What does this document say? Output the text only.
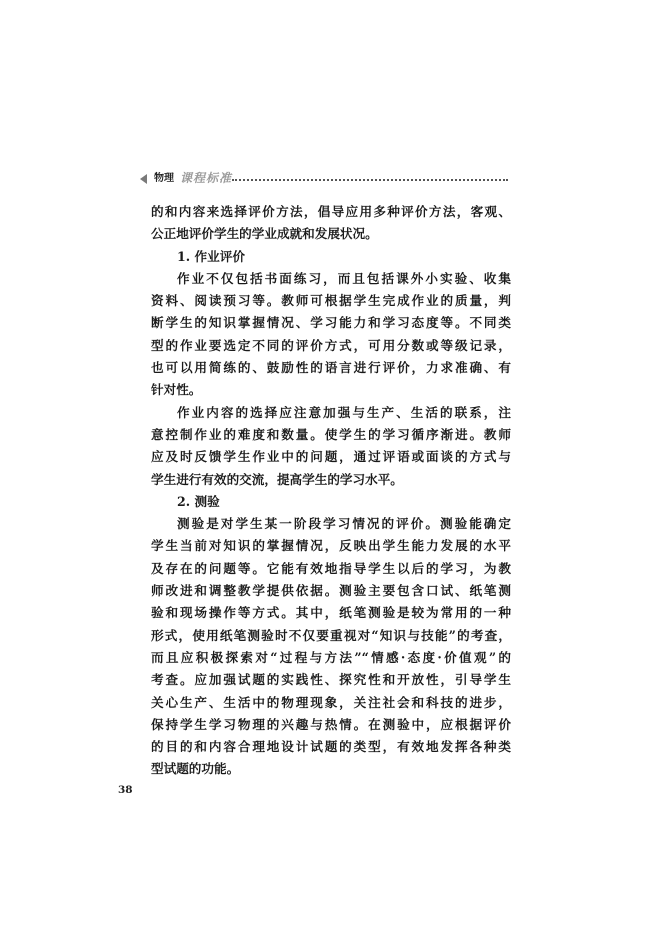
物理 课程标准
的和内容来选择评价方法，倡导应用多种评价方法，客观、
公正地评价学生的学业成就和发展状况。
1. 作业评价
作业不仅包括书面练习，而且包括课外小实验、收集
资料、阅读预习等。教师可根据学生完成作业的质量，判
断学生的知识掌握情况、学习能力和学习态度等。不同类
型的作业要选定不同的评价方式，可用分数或等级记录，
也可以用简练的、鼓励性的语言进行评价，力求准确、有
针对性。
作业内容的选择应注意加强与生产、生活的联系，注
意控制作业的难度和数量。使学生的学习循序渐进。教师
应及时反馈学生作业中的问题，通过评语或面谈的方式与
学生进行有效的交流，提高学生的学习水平。
2. 测验
测验是对学生某一阶段学习情况的评价。测验能确定
学生当前对知识的掌握情况，反映出学生能力发展的水平
及存在的问题等。它能有效地指导学生以后的学习，为教
师改进和调整教学提供依据。测验主要包含口试、纸笔测
验和现场操作等方式。其中，纸笔测验是较为常用的一种
形式，使用纸笔测验时不仅要重视对“知识与技能”的考查，
而且应积极探索对“过程与方法”“情感·态度·价值观”的
考查。应加强试题的实践性、探究性和开放性，引导学生
关心生产、生活中的物理现象，关注社会和科技的进步，
保持学生学习物理的兴趣与热情。在测验中，应根据评价
的目的和内容合理地设计试题的类型，有效地发挥各种类
型试题的功能。
38
